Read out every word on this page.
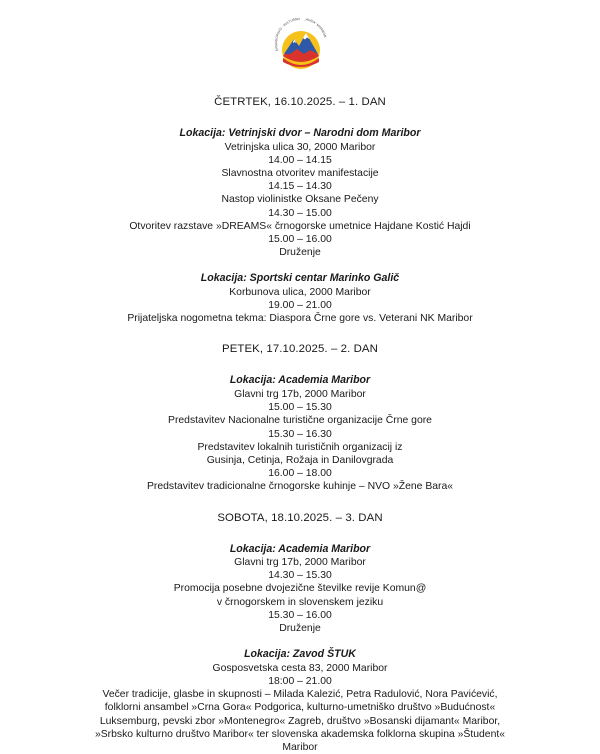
ČRNOGORSKO · KULTURNO „ADRIA“ MARIBOR

ČETRTEK, 16.10.2025. – 1. DAN

Lokacija: Vetrinjski dvor – Narodni dom Maribor

Vetrinjska ulica 30, 2000 Maribor

14.00 – 14.15

Slavnostna otvoritev manifestacije

14.15 – 14.30

Nastop violinistke Oksane Pečeny

14.30 – 15.00

Otvoritev razstave »DREAMS« črnogorske umetnice Hajdane Kostić Hajdi

15.00 – 16.00

Druženje

Lokacija: Sportski centar Marinko Galič

Korbunova ulica, 2000 Maribor

19.00 – 21.00

Prijateljska nogometna tekma: Diaspora Črne gore vs. Veterani NK Maribor

PETEK, 17.10.2025. – 2. DAN

Lokacija: Academia Maribor

Glavni trg 17b, 2000 Maribor

15.00 – 15.30

Predstavitev Nacionalne turistične organizacije Črne gore

15.30 – 16.30

Predstavitev lokalnih turističnih organizacij iz

Gusinja, Cetinja, Rožaja in Danilovgrada

16.00 – 18.00

Predstavitev tradicionalne črnogorske kuhinje – NVO »Žene Bara«

SOBOTA, 18.10.2025. – 3. DAN

Lokacija: Academia Maribor

Glavni trg 17b, 2000 Maribor

14.30 – 15.30

Promocija posebne dvojezične številke revije Komun@

v črnogorskem in slovenskem jeziku

15.30 – 16.00

Druženje

Lokacija: Zavod ŠTUK

Gosposvetska cesta 83, 2000 Maribor

18:00 – 21.00

Večer tradicije, glasbe in skupnosti – Milada Kalezić, Petra Radulović, Nora Pavićević,

folklorni ansambel »Crna Gora« Podgorica, kulturno-umetniško društvo »Budućnost«

Luksemburg, pevski zbor »Montenegro« Zagreb, društvo »Bosanski dijamant« Maribor,

»Srbsko kulturno društvo Maribor« ter slovenska akademska folklorna skupina »Študent«

Maribor
